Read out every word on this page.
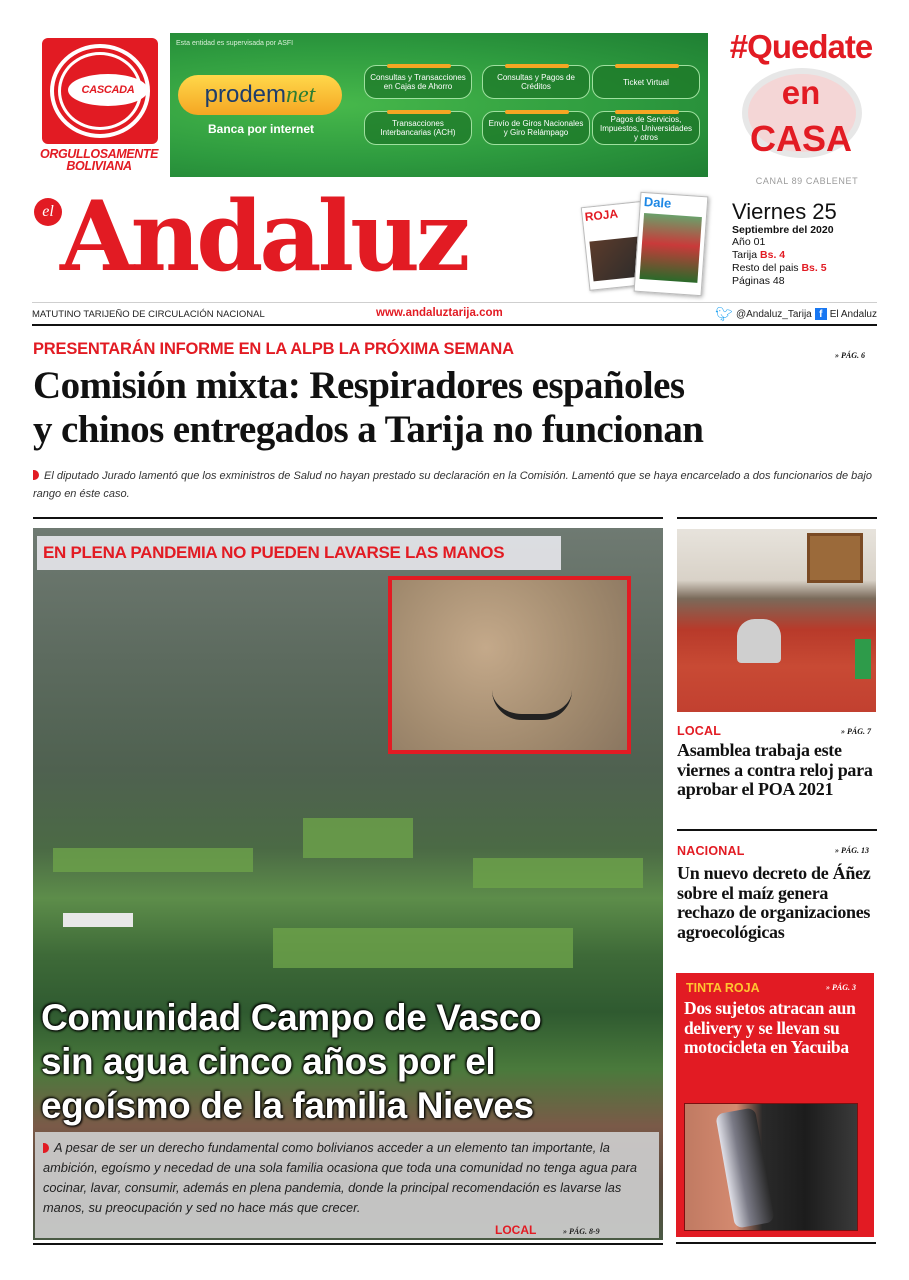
CASCADA
ORGULLOSAMENTE
BOLIVIANA
Esta entidad es supervisada por ASFI
prodem net
Banca por internet
Consultas y Transacciones en Cajas de Ahorro
Consultas y Pagos de Créditos	Ticket Virtual
Transacciones Interbancarias (ACH)
Envío de Giros Nacionales y Giro Relámpago
Pagos de Servicios, Impuestos, Universidades y otros
#Quedate
en
CASA
CANAL 89 CABLENET
el Andaluz	ROJA
Dale	Viernes 25
Septiembre del 2020
Año 01
Tarija Bs. 4
Resto del pais Bs. 5
Páginas 48
MATUTINO TARIJEÑO DE CIRCULACIÓN NACIONAL	www.andaluztarija.com	🐦︎ @Andaluz_Tarija f El Andaluz
PRESENTARÁN INFORME EN LA ALPB LA PRÓXIMA SEMANA	» PÁG. 6
Comisión mixta: Respiradores españoles
y chinos entregados a Tarija no funcionan
El diputado Jurado lamentó que los exministros de Salud no hayan prestado su declaración en la Comisión. Lamentó que se haya encarcelado a dos funcionarios de bajo rango en éste caso.
EN PLENA PANDEMIA NO PUEDEN LAVARSE LAS MANOS
Comunidad Campo de Vasco
sin agua cinco años por el
egoísmo de la familia Nieves
A pesar de ser un derecho fundamental como bolivianos acceder a un elemento tan importante, la ambición, egoísmo y necedad de una sola familia ocasiona que toda una comunidad no tenga agua para cocinar, lavar, consumir, además en plena pandemia, donde la principal recomendación es lavarse las manos, su preocupación y sed no hace más que crecer.
LOCAL	» PÁG. 8-9
LOCAL	» PÁG. 7
Asamblea trabaja este viernes a contra reloj para aprobar el POA 2021
NACIONAL	» PÁG. 13
Un nuevo decreto de Áñez sobre el maíz genera rechazo de organizaciones agroecológicas
TINTA ROJA	» PÁG. 3
Dos sujetos atracan aun delivery y se llevan su motocicleta en Yacuiba
